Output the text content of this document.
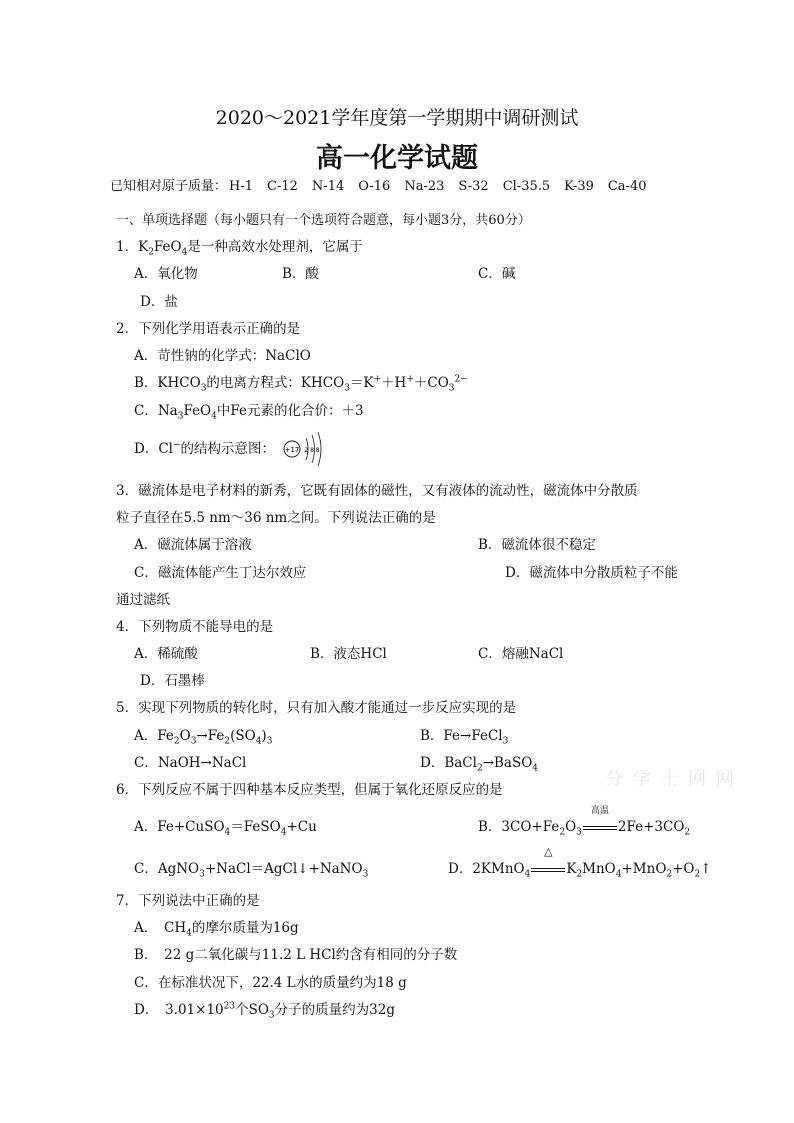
2020～2021学年度第一学期期中调研测试
高一化学试题
已知相对原子质量： H-1 C-12 N-14 O-16 Na-23 S-32 Cl-35.5 K-39 Ca-40
一、单项选择题（每小题只有一个选项符合题意，每小题3分，共60分）
1．$K_2FeO_4$是一种高效水处理剂，它属于
A．氧化物	B．酸	C．碱
D．盐
2．下列化学用语表示正确的是
A．苛性钠的化学式：NaClO
B．$KHCO_3$的电离方程式：$KHCO_3=K^++H^++CO_3^{2-}$
C．$Na_3FeO_4$中Fe元素的化合价：＋3
D．Cl−的结构示意图： +17 2 8 8
3．磁流体是电子材料的新秀，它既有固体的磁性，又有液体的流动性，磁流体中分散质
粒子直径在5.5 nm～36 nm之间。下列说法正确的是
A．磁流体属于溶液	B．磁流体很不稳定
C．磁流体能产生丁达尔效应	D．磁流体中分散质粒子不能
通过滤纸
4．下列物质不能导电的是
A．稀硫酸	B．液态HCl	C．熔融NaCl
D．石墨棒
5．实现下列物质的转化时，只有加入酸才能通过一步反应实现的是
A．$Fe_2O_3\to Fe_2(SO_4)_3$	B．Fe→FeCl$_3$
C．NaOH→NaCl	D．BaCl$_2$→BaSO$_4$
分 学 士 网 网
6．下列反应不属于四种基本反应类型，但属于氧化还原反应的是
A．Fe+CuSO$_4$＝FeSO$_4$+Cu	B．$3CO+Fe_2O_3$
高温
$2Fe+3CO_2$
C．AgNO$_3$+NaCl＝AgCl↓+NaNO$_3$	D．2KMnO$_4$
△
$K_2MnO_4+MnO_2+O_2↑$
7．下列说法中正确的是
A．　$CH_4$的摩尔质量为16g
B．　22 g二氧化碳与11.2 L HCl约含有相同的分子数
C．在标准状况下，22.4 L水的质量约为18 g
D．　$3.01\times 10^{23}$个$SO_3$分子的质量约为32g
